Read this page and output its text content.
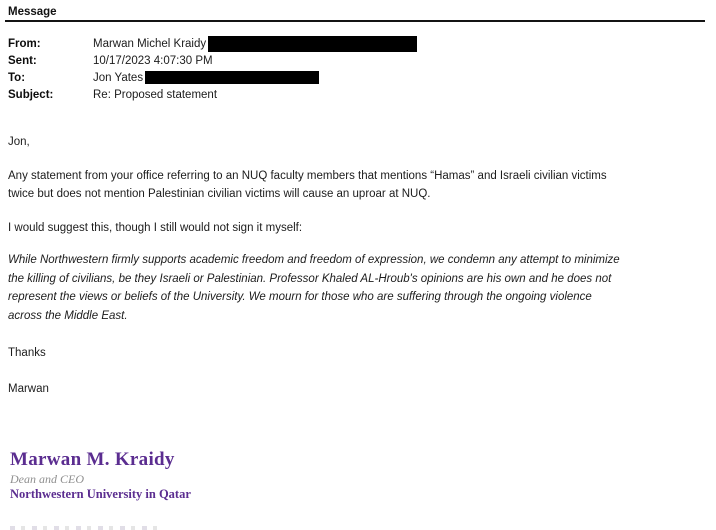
Message
From:	Marwan Michel Kraidy
Sent:	10/17/2023 4:07:30 PM
To:	Jon Yates
Subject:	Re: Proposed statement
Jon,
Any statement from your office referring to an NUQ faculty members that mentions “Hamas” and Israeli civilian victims
twice but does not mention Palestinian civilian victims will cause an uproar at NUQ.
I would suggest this, though I still would not sign it myself:
While Northwestern firmly supports academic freedom and freedom of expression, we condemn any attempt to minimize
the killing of civilians, be they Israeli or Palestinian. Professor Khaled AL-Hroub's opinions are his own and he does not
represent the views or beliefs of the University. We mourn for those who are suffering through the ongoing violence
across the Middle East.
Thanks
Marwan
Marwan M. Kraidy
Dean and CEO
Northwestern University in Qatar
